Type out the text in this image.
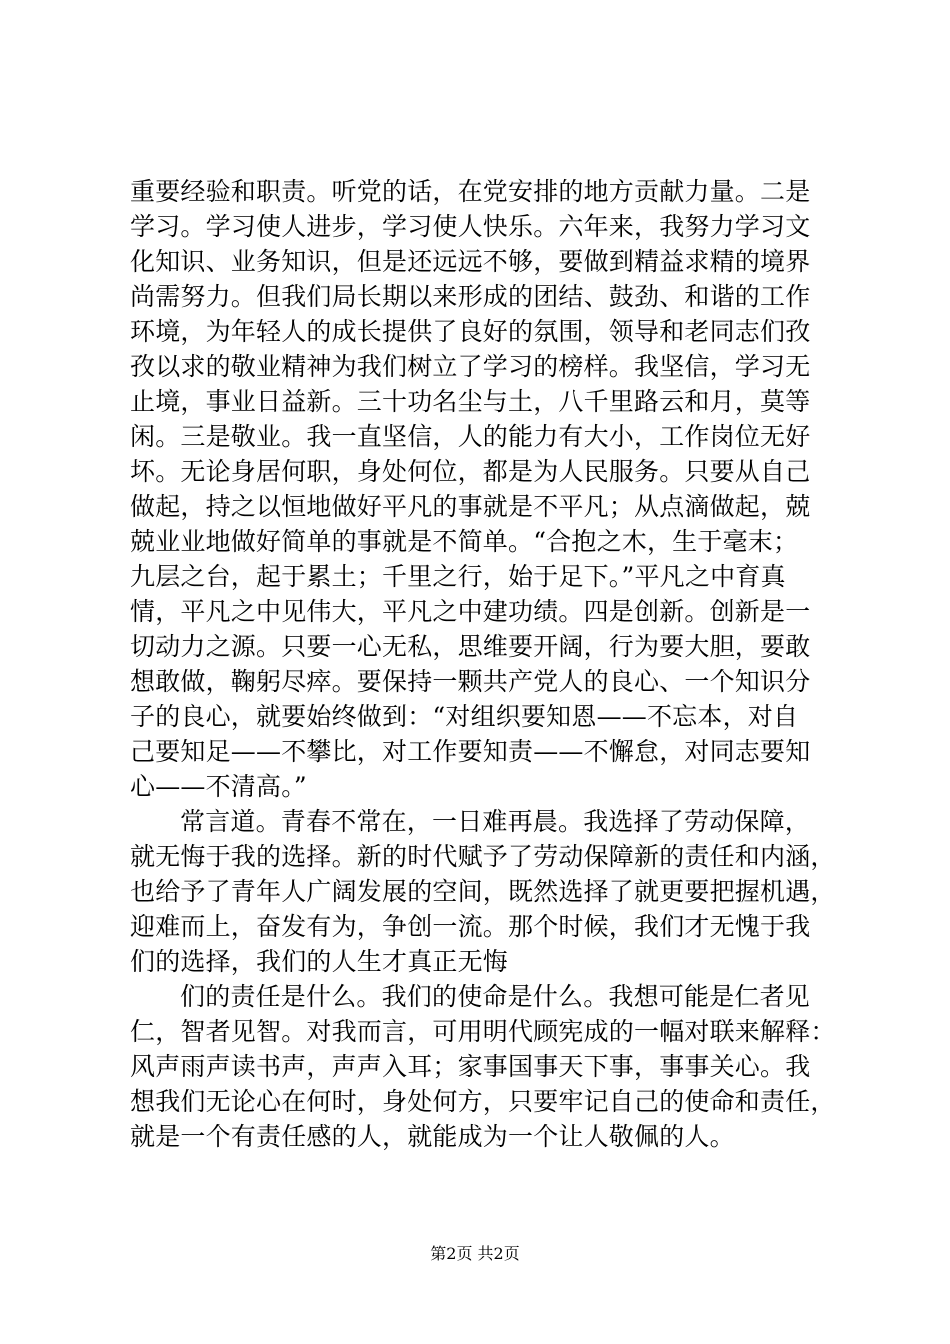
重要经验和职责。听党的话，在党安排的地方贡献力量。二是
学习。学习使人进步，学习使人快乐。六年来，我努力学习文
化知识、业务知识，但是还远远不够，要做到精益求精的境界
尚需努力。但我们局长期以来形成的团结、鼓劲、和谐的工作
环境，为年轻人的成长提供了良好的氛围，领导和老同志们孜
孜以求的敬业精神为我们树立了学习的榜样。我坚信，学习无
止境，事业日益新。三十功名尘与土，八千里路云和月，莫等
闲。三是敬业。我一直坚信，人的能力有大小，工作岗位无好
坏。无论身居何职，身处何位，都是为人民服务。只要从自己
做起，持之以恒地做好平凡的事就是不平凡；从点滴做起，兢
兢业业地做好简单的事就是不简单。“合抱之木，生于毫末；
九层之台，起于累土；千里之行，始于足下。”平凡之中育真
情，平凡之中见伟大，平凡之中建功绩。四是创新。创新是一
切动力之源。只要一心无私，思维要开阔，行为要大胆，要敢
想敢做，鞠躬尽瘁。要保持一颗共产党人的良心、一个知识分
子的良心，就要始终做到：“对组织要知恩——不忘本，对自
己要知足——不攀比，对工作要知责——不懈怠，对同志要知
心——不清高。”
常言道。青春不常在，一日难再晨。我选择了劳动保障，
就无悔于我的选择。新的时代赋予了劳动保障新的责任和内涵，
也给予了青年人广阔发展的空间，既然选择了就更要把握机遇，
迎难而上，奋发有为，争创一流。那个时候，我们才无愧于我
们的选择，我们的人生才真正无悔
们的责任是什么。我们的使命是什么。我想可能是仁者见
仁，智者见智。对我而言，可用明代顾宪成的一幅对联来解释：
风声雨声读书声，声声入耳；家事国事天下事，事事关心。我
想我们无论心在何时，身处何方，只要牢记自己的使命和责任，
就是一个有责任感的人，就能成为一个让人敬佩的人。
第2页 共2页
